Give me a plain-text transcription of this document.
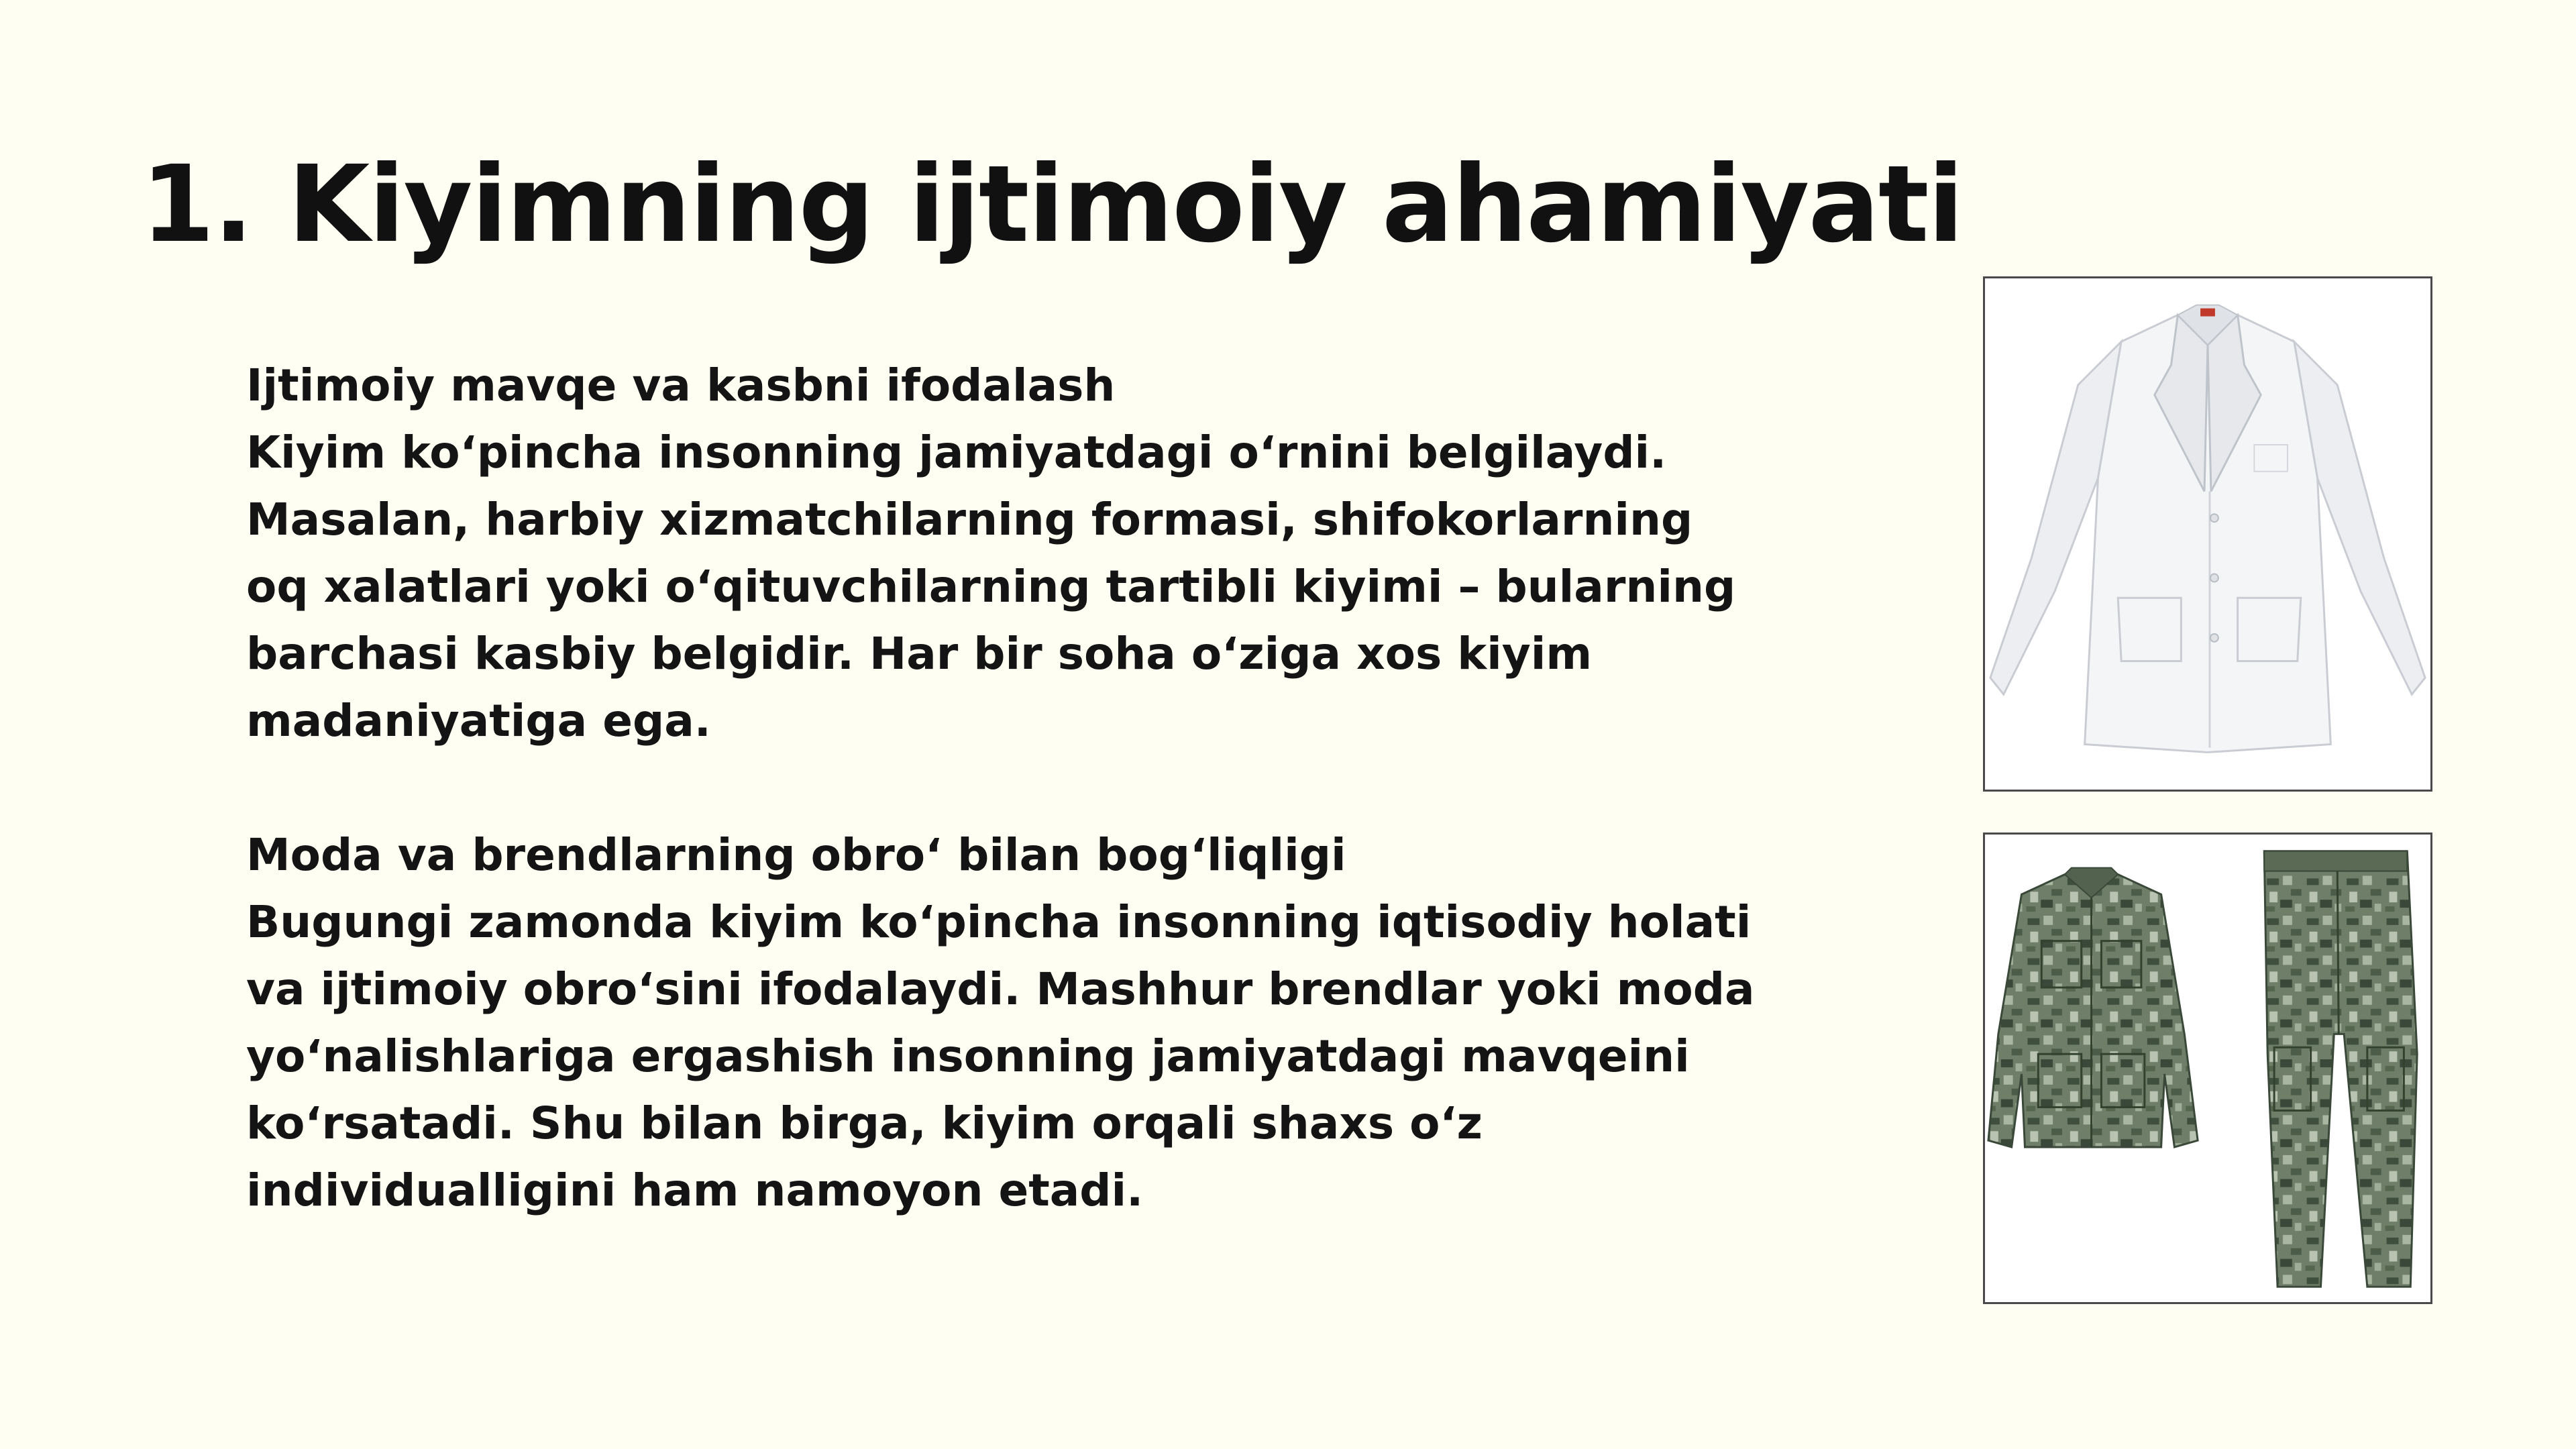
1. Kiyimning ijtimoiy ahamiyati

Ijtimoiy mavqe va kasbni ifodalash
Kiyim ko‘pincha insonning jamiyatdagi o‘rnini belgilaydi.
Masalan, harbiy xizmatchilarning formasi, shifokorlarning
oq xalatlari yoki o‘qituvchilarning tartibli kiyimi – bularning
barchasi kasbiy belgidir. Har bir soha o‘ziga xos kiyim
madaniyatiga ega.

Moda va brendlarning obro‘ bilan bog‘liqligi
Bugungi zamonda kiyim ko‘pincha insonning iqtisodiy holati
va ijtimoiy obro‘sini ifodalaydi. Mashhur brendlar yoki moda
yo‘nalishlariga ergashish insonning jamiyatdagi mavqeini
ko‘rsatadi. Shu bilan birga, kiyim orqali shaxs o‘z
individualligini ham namoyon etadi.
